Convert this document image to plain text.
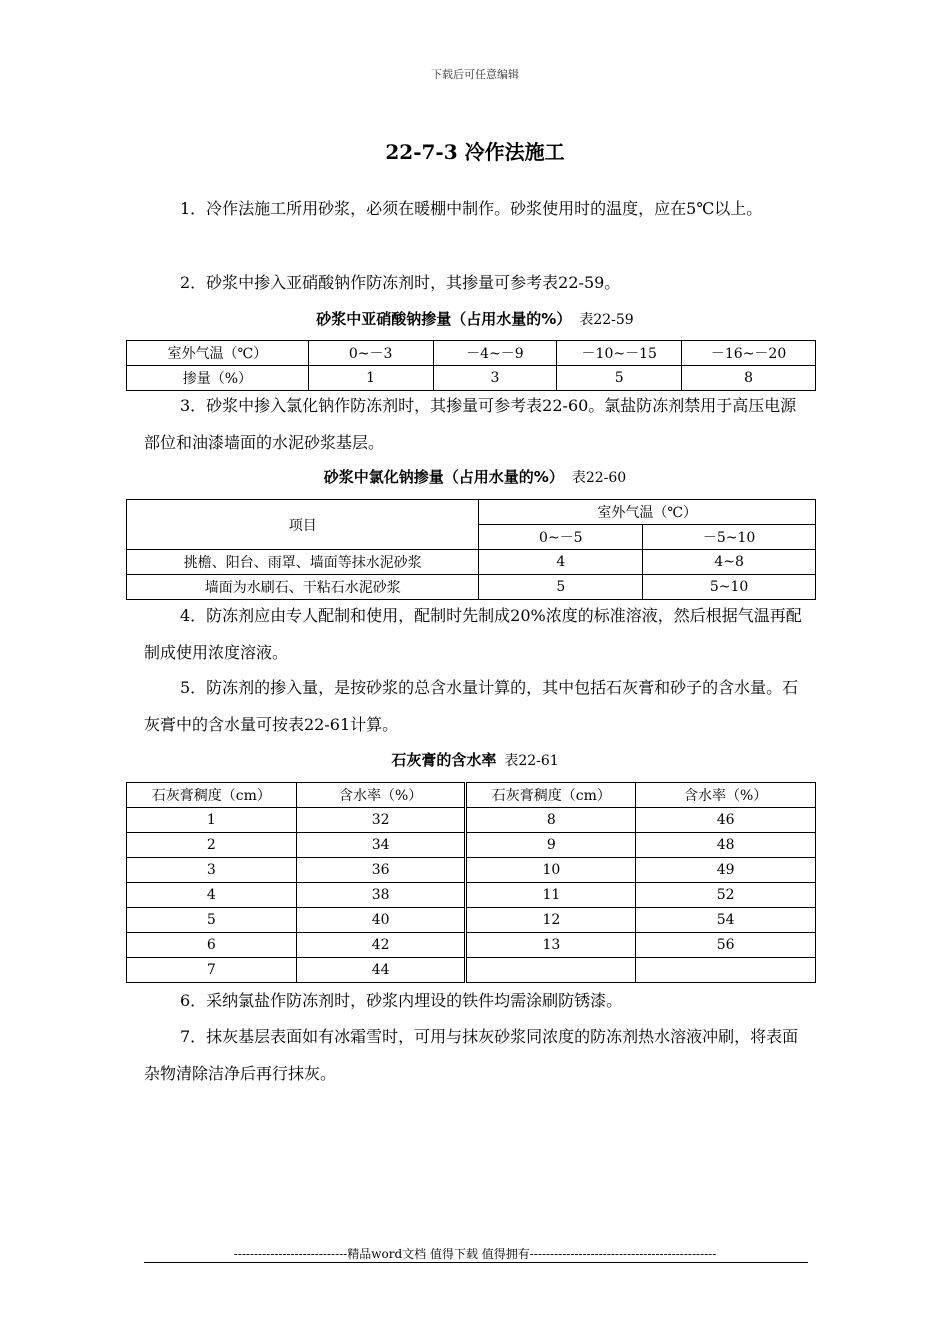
下载后可任意编辑
22-7-3 冷作法施工

1．冷作法施工所用砂浆，必须在暖棚中制作。砂浆使用时的温度，应在5℃以上。

2．砂浆中掺入亚硝酸钠作防冻剂时，其掺量可参考表22-59。

砂浆中亚硝酸钠掺量（占用水量的%） 表22-59
室外气温（℃）	0~－3	－4~－9	－10~－15	－16~－20
掺量（%）	1	3	5	8

3．砂浆中掺入氯化钠作防冻剂时，其掺量可参考表22-60。氯盐防冻剂禁用于高压电源部位和油漆墙面的水泥砂浆基层。

砂浆中氯化钠掺量（占用水量的%） 表22-60
项目	室外气温（℃）	
	0~－5	－5~10
挑檐、阳台、雨罩、墙面等抹水泥砂浆	4	4~8
墙面为水刷石、干粘石水泥砂浆	5	5~10

4．防冻剂应由专人配制和使用，配制时先制成20%浓度的标准溶液，然后根据气温再配制成使用浓度溶液。

5．防冻剂的掺入量，是按砂浆的总含水量计算的，其中包括石灰膏和砂子的含水量。石灰膏中的含水量可按表22-61计算。

石灰膏的含水率 表22-61
石灰膏稠度（cm）	含水率（%）	石灰膏稠度（cm）	含水率（%）
1	32	8	46
2	34	9	48
3	36	10	49
4	38	11	52
5	40	12	54
6	42	13	56
7	44		

6．采纳氯盐作防冻剂时，砂浆内埋设的铁件均需涂刷防锈漆。

7．抹灰基层表面如有冰霜雪时，可用与抹灰砂浆同浓度的防冻剂热水溶液冲刷，将表面杂物清除洁净后再行抹灰。

----------------------------精品word文档 值得下载 值得拥有----------------------------------------------
